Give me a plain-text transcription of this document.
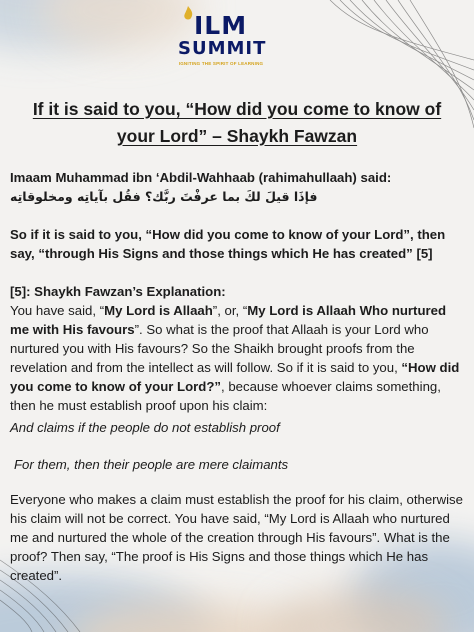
ILM
SUMMIT
IGNITING THE SPIRIT OF LEARNING
If it is said to you, “How did you come to know of your Lord” – Shaykh Fawzan

Imaam Muhammad ibn ‘Abdil-Wahhaab (rahimahullaah) said:

فإذَا قيلَ لكَ بما عرفْتَ ربَّك؟ فقُل بآياتِه ومخلوقاتِه

So if it is said to you, “How did you come to know of your Lord”, then say, “through His Signs and those things which He has created” [5]

[5]: Shaykh Fawzan’s Explanation:

You have said, “My Lord is Allaah”, or, “My Lord is Allaah Who nurtured me with His favours”. So what is the proof that Allaah is your Lord who nurtured you with His favours? So the Shaikh brought proofs from the revelation and from the intellect as will follow. So if it is said to you, “How did you come to know of your Lord?”, because whoever claims something, then he must establish proof upon his claim:

And claims if the people do not establish proof
For them, then their people are mere claimants

Everyone who makes a claim must establish the proof for his claim, otherwise his claim will not be correct. You have said, “My Lord is Allaah who nurtured me and nurtured the whole of the creation through His favours”. What is the proof? Then say, “The proof is His Signs and those things which He has created”.
